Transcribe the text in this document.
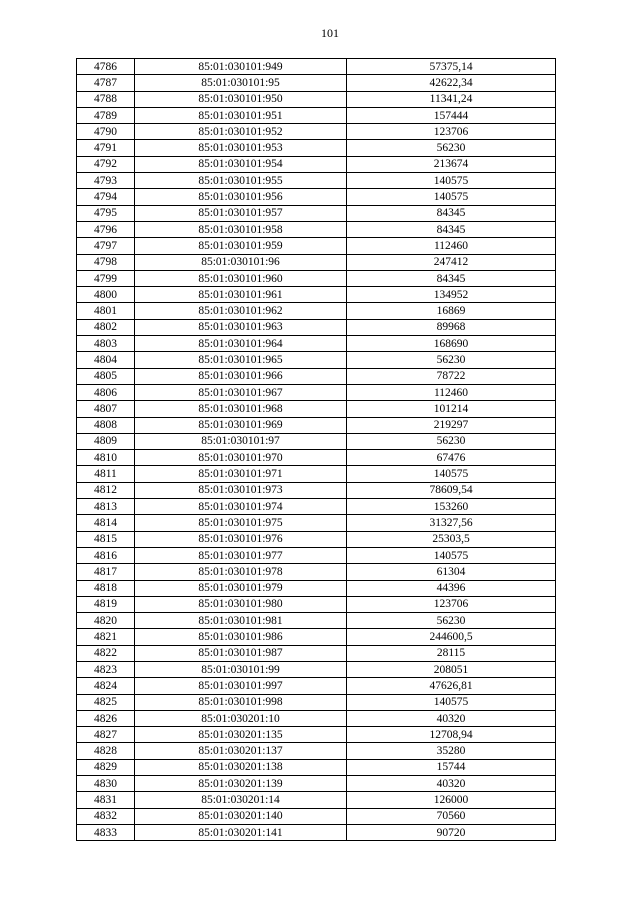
101
4786	85:01:030101:949	57375,14
4787	85:01:030101:95	42622,34
4788	85:01:030101:950	11341,24
4789	85:01:030101:951	157444
4790	85:01:030101:952	123706
4791	85:01:030101:953	56230
4792	85:01:030101:954	213674
4793	85:01:030101:955	140575
4794	85:01:030101:956	140575
4795	85:01:030101:957	84345
4796	85:01:030101:958	84345
4797	85:01:030101:959	112460
4798	85:01:030101:96	247412
4799	85:01:030101:960	84345
4800	85:01:030101:961	134952
4801	85:01:030101:962	16869
4802	85:01:030101:963	89968
4803	85:01:030101:964	168690
4804	85:01:030101:965	56230
4805	85:01:030101:966	78722
4806	85:01:030101:967	112460
4807	85:01:030101:968	101214
4808	85:01:030101:969	219297
4809	85:01:030101:97	56230
4810	85:01:030101:970	67476
4811	85:01:030101:971	140575
4812	85:01:030101:973	78609,54
4813	85:01:030101:974	153260
4814	85:01:030101:975	31327,56
4815	85:01:030101:976	25303,5
4816	85:01:030101:977	140575
4817	85:01:030101:978	61304
4818	85:01:030101:979	44396
4819	85:01:030101:980	123706
4820	85:01:030101:981	56230
4821	85:01:030101:986	244600,5
4822	85:01:030101:987	28115
4823	85:01:030101:99	208051
4824	85:01:030101:997	47626,81
4825	85:01:030101:998	140575
4826	85:01:030201:10	40320
4827	85:01:030201:135	12708,94
4828	85:01:030201:137	35280
4829	85:01:030201:138	15744
4830	85:01:030201:139	40320
4831	85:01:030201:14	126000
4832	85:01:030201:140	70560
4833	85:01:030201:141	90720
